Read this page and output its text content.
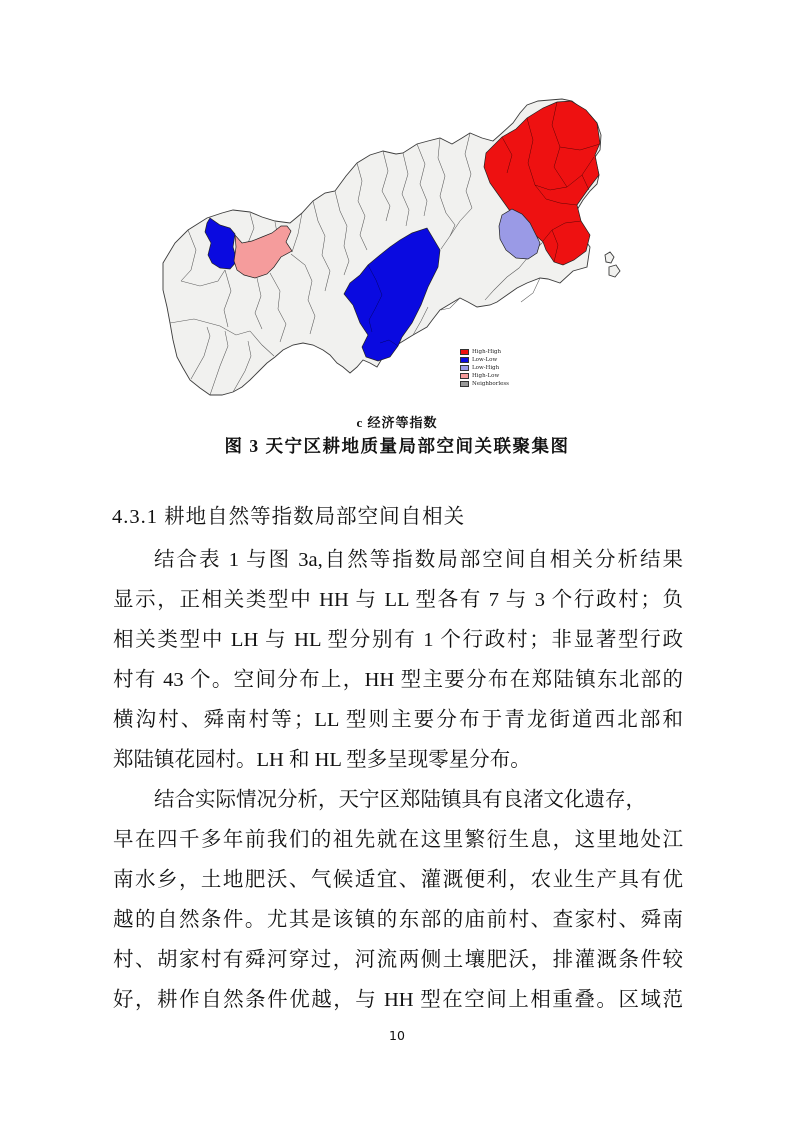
High-High
Low-Low
Low-High
High-Low
Neighborless
c 经济等指数
图 3 天宁区耕地质量局部空间关联聚集图
4.3.1 耕地自然等指数局部空间自相关
结合表 1 与图 3a,自然等指数局部空间自相关分析结果
显示，正相关类型中 HH 与 LL 型各有 7 与 3 个行政村；负
相关类型中 LH 与 HL 型分别有 1 个行政村；非显著型行政
村有 43 个。空间分布上，HH 型主要分布在郑陆镇东北部的
横沟村、舜南村等；LL 型则主要分布于青龙街道西北部和
郑陆镇花园村。LH 和 HL 型多呈现零星分布。
结合实际情况分析，天宁区郑陆镇具有良渚文化遗存，
早在四千多年前我们的祖先就在这里繁衍生息，这里地处江
南水乡，土地肥沃、气候适宜、灌溉便利，农业生产具有优
越的自然条件。尤其是该镇的东部的庙前村、查家村、舜南
村、胡家村有舜河穿过，河流两侧土壤肥沃，排灌溉条件较
好，耕作自然条件优越，与 HH 型在空间上相重叠。区域范
10
